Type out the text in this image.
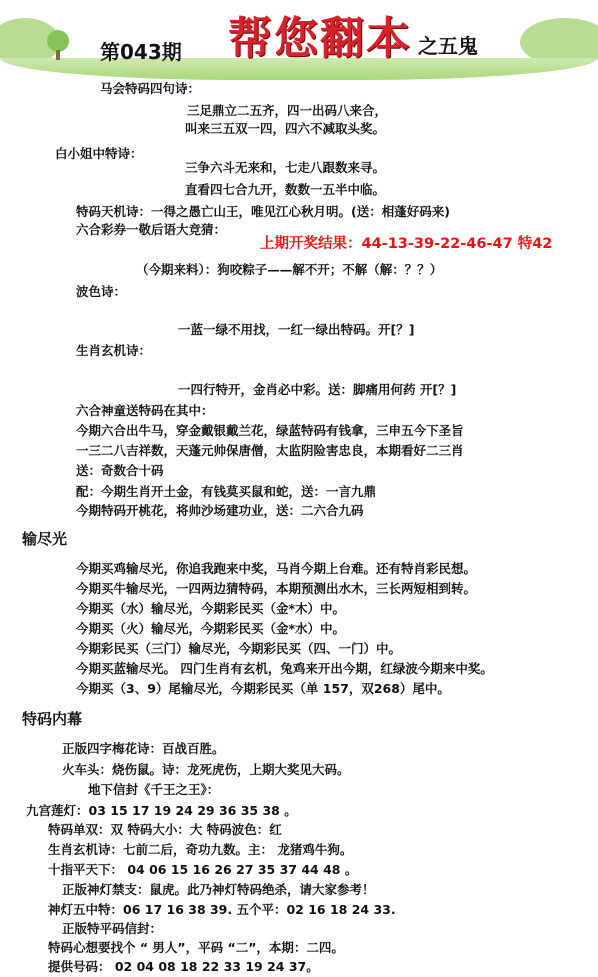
第043期 帮您翻本 之五鬼
马会特码四句诗：
三足鼎立二五齐，四一出码八来合，
叫来三五双一四，四六不减取头奖。
白小姐中特诗：
三争六斗无来和，七走八跟数来寻。
直看四七合九开，数数一五半中临。
特码天机诗：一得之愚亡山王，唯见江心秋月明。(送：相蓬好码来)
六合彩券一敬后语大竞猜：
上期开奖结果：44-13-39-22-46-47 特42
（今期来料）：狗咬粽子——解不开；不解（解：？？）
波色诗：
一蓝一绿不用找，一红一绿出特码。开[？]
生肖玄机诗：
一四行特开，金肖必中彩。送：脚痛用何药 开[？]
六合神童送特码在其中：
今期六合出牛马，穿金戴银戴兰花，绿蓝特码有钱拿，三申五今下圣旨
一三二八吉祥数，天蓬元帅保唐僧，太监阴险害忠良，本期看好二三肖
送：奇数合十码
配：今期生肖开土金，有钱莫买鼠和蛇，送：一言九鼎
今期特码开桃花，将帅沙场建功业，送：二六合九码
输尽光
今期买鸡输尽光，你追我跑来中奖，马肖今期上台难。还有特肖彩民想。
今期买牛输尽光，一四两边猜特码，本期预测出水木，三长两短相到转。
今期买（水）输尽光，今期彩民买（金*木）中。
今期买（火）输尽光，今期彩民买（金*水）中。
今期彩民买（三门）输尽光，今期彩民买（四、一门）中。
今期买蓝输尽光。 四门生肖有玄机，兔鸡来开出今期，红绿波今期来中奖。
今期买（3、9）尾输尽光，今期彩民买（单 157，双268）尾中。
特码内幕
正版四字梅花诗：百战百胜。
火车头：烧伤鼠。诗：龙死虎伤，上期大奖见大码。
地下信封《千王之王》：
九宫莲灯：03 15 17 19 24 29 36 35 38 。
特码单双：双 特码大小：大 特码波色：红
生肖玄机诗：七前二后，奇功九数。主： 龙猪鸡牛狗。
十指平天下： 04 06 15 16 26 27 35 37 44 48 。
正版神灯禁支：鼠虎。此乃神灯特码绝杀，请大家参考！
神灯五中特：06 17 16 38 39. 五个平：02 16 18 24 33.
正版特平码信封：
特码心想要找个 “ 男人”，平码 “二”，本期：二四。
提供号码： 02 04 08 18 22 33 19 24 37。
